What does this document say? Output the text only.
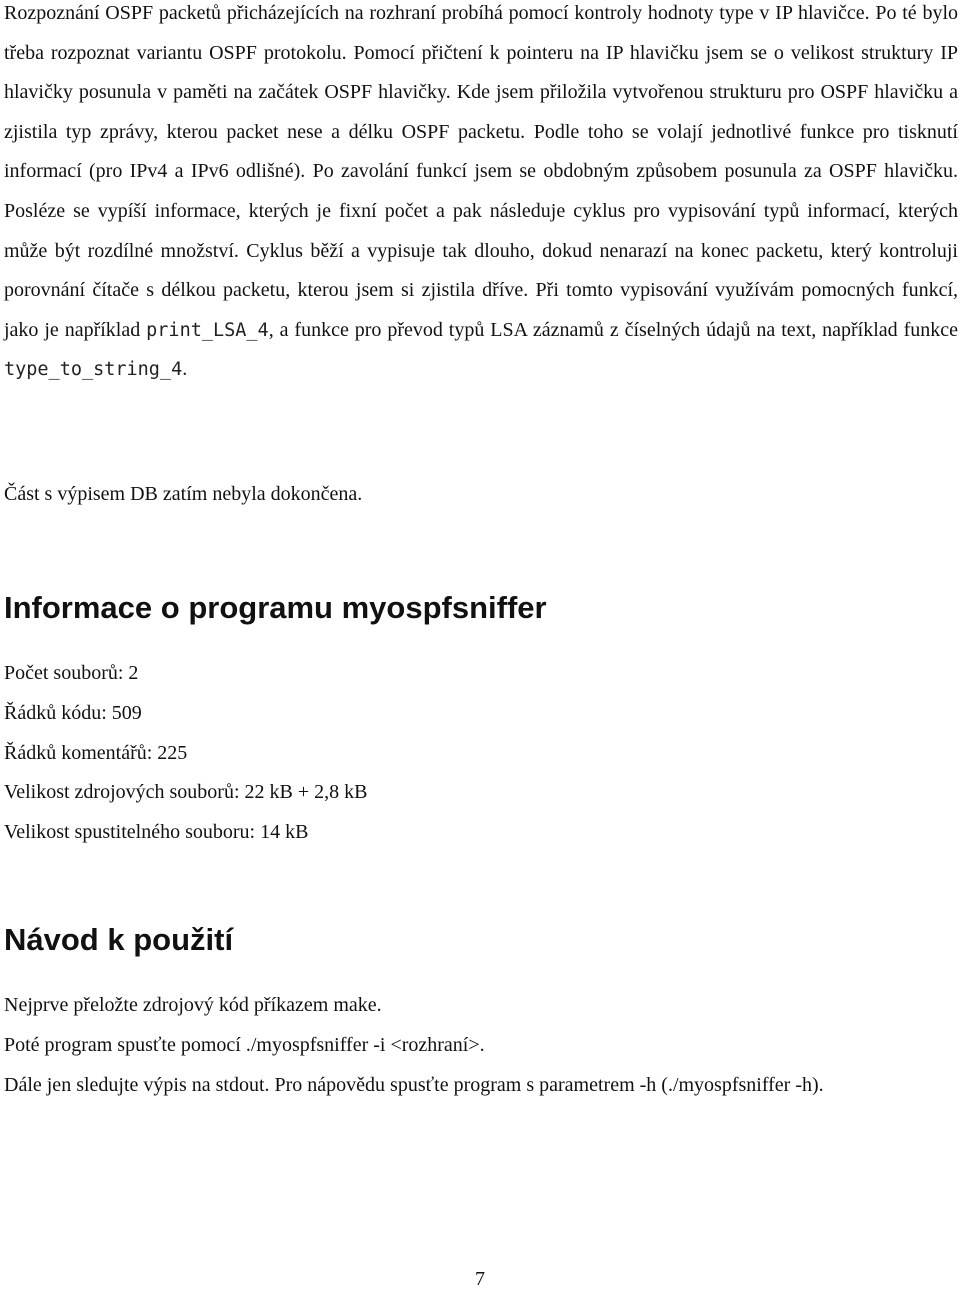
Rozpoznání OSPF packetů přicházejících na rozhraní probíhá pomocí kontroly hodnoty type v IP hlavičce. Po té bylo třeba rozpoznat variantu OSPF protokolu. Pomocí přičtení k pointeru na IP hlavičku jsem se o velikost struktury IP hlavičky posunula v paměti na začátek OSPF hlavičky. Kde jsem přiložila vytvořenou strukturu pro OSPF hlavičku a zjistila typ zprávy, kterou packet nese a délku OSPF packetu. Podle toho se volají jednotlivé funkce pro tisknutí informací (pro IPv4 a IPv6 odlišné). Po zavolání funkcí jsem se obdobným způsobem posunula za OSPF hlavičku. Posléze se vypíší informace, kterých je fixní počet a pak následuje cyklus pro vypisování typů informací, kterých může být rozdílné množství. Cyklus běží a vypisuje tak dlouho, dokud nenarazí na konec packetu, který kontroluji porovnání čítače s délkou packetu, kterou jsem si zjistila dříve. Při tomto vypisování využívám pomocných funkcí, jako je například print_LSA_4, a funkce pro převod typů LSA záznamů z číselných údajů na text, například funkce type_to_string_4.

Část s výpisem DB zatím nebyla dokončena.

Informace o programu myospfsniffer
Počet souborů: 2
Řádků kódu: 509
Řádků komentářů: 225
Velikost zdrojových souborů: 22 kB + 2,8 kB
Velikost spustitelného souboru: 14 kB
Návod k použití
Nejprve přeložte zdrojový kód příkazem make.
Poté program spusťte pomocí ./myospfsniffer -i <rozhraní>.
Dále jen sledujte výpis na stdout. Pro nápovědu spusťte program s parametrem -h (./myospfsniffer -h).
7
